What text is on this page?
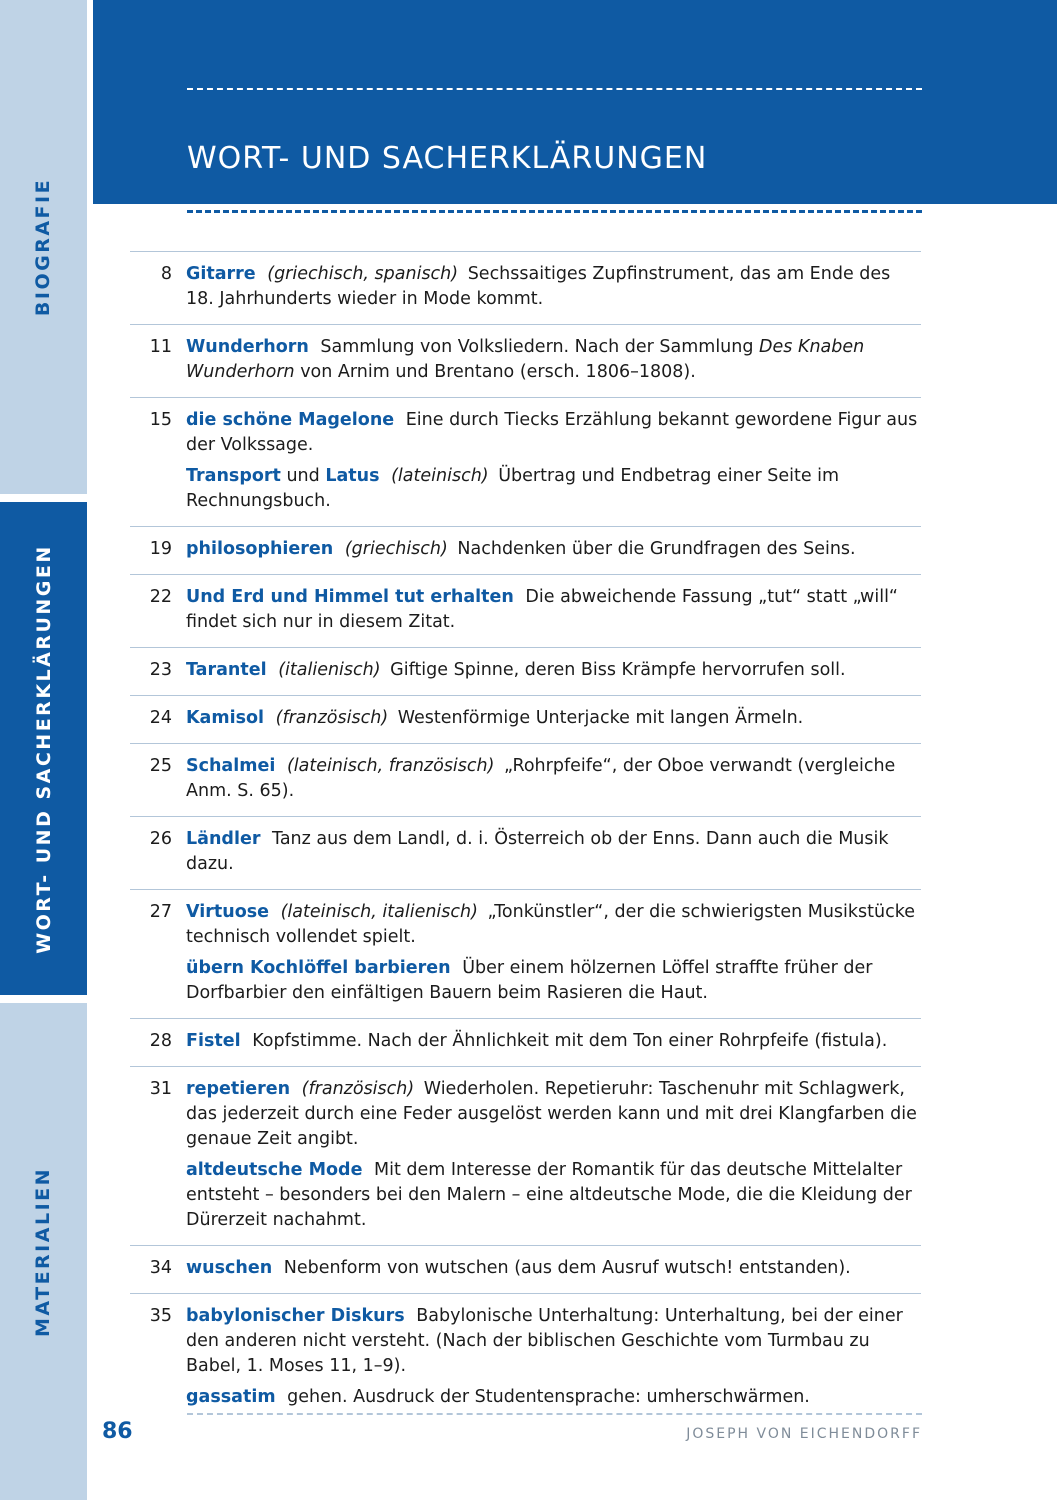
BIOGRAFIE
WORT- UND SACHERKLÄRUNGEN
MATERIALIEN
WORT- UND SACHERKLÄRUNGEN
8 Gitarre (griechisch, spanisch) Sechssaitiges Zupfinstrument, das am Ende des 18. Jahrhunderts wieder in Mode kommt.
11 Wunderhorn Sammlung von Volksliedern. Nach der Sammlung Des Knaben Wunderhorn von Arnim und Brentano (ersch. 1806–1808).
15 die schöne Magelone Eine durch Tiecks Erzählung bekannt gewordene Figur aus der Volkssage.
Transport und Latus (lateinisch) Übertrag und Endbetrag einer Seite im Rechnungsbuch.
19 philosophieren (griechisch) Nachdenken über die Grundfragen des Seins.
22 Und Erd und Himmel tut erhalten Die abweichende Fassung „tut“ statt „will“ findet sich nur in diesem Zitat.
23 Tarantel (italienisch) Giftige Spinne, deren Biss Krämpfe hervorrufen soll.
24 Kamisol (französisch) Westenförmige Unterjacke mit langen Ärmeln.
25 Schalmei (lateinisch, französisch) „Rohrpfeife“, der Oboe verwandt (vergleiche Anm. S. 65).
26 Ländler Tanz aus dem Landl, d. i. Österreich ob der Enns. Dann auch die Musik dazu.
27 Virtuose (lateinisch, italienisch) „Tonkünstler“, der die schwierigsten Musikstücke technisch vollendet spielt.
übern Kochlöffel barbieren Über einem hölzernen Löffel straffte früher der Dorfbarbier den einfältigen Bauern beim Rasieren die Haut.
28 Fistel Kopfstimme. Nach der Ähnlichkeit mit dem Ton einer Rohrpfeife (fistula).
31 repetieren (französisch) Wiederholen. Repetieruhr: Taschenuhr mit Schlagwerk, das jederzeit durch eine Feder ausgelöst werden kann und mit drei Klangfarben die genaue Zeit angibt.
altdeutsche Mode Mit dem Interesse der Romantik für das deutsche Mittelalter entsteht – besonders bei den Malern – eine altdeutsche Mode, die die Kleidung der Dürerzeit nachahmt.
34 wuschen Nebenform von wutschen (aus dem Ausruf wutsch! entstanden).
35 babylonischer Diskurs Babylonische Unterhaltung: Unterhaltung, bei der einer den anderen nicht versteht. (Nach der biblischen Geschichte vom Turmbau zu Babel, 1. Moses 11, 1–9).
gassatim gehen. Ausdruck der Studentensprache: umherschwärmen.
86	JOSEPH VON EICHENDORFF
